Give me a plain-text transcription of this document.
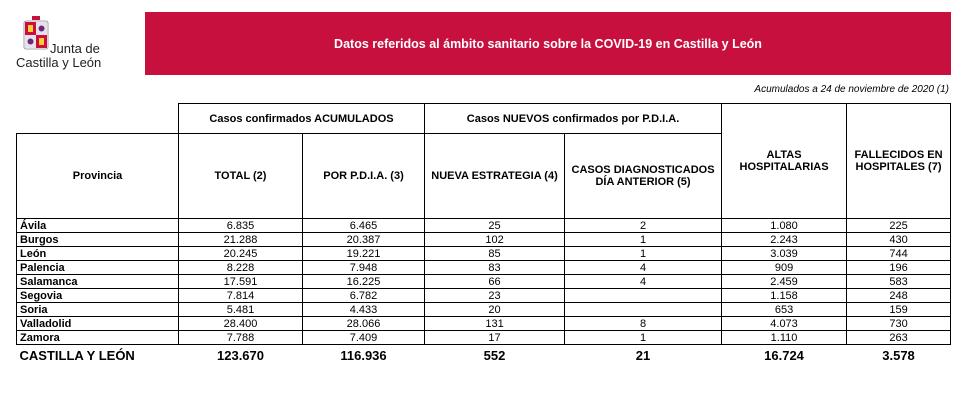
Junta de
Castilla y León
Datos referidos al ámbito sanitario sobre la COVID-19 en Castilla y León
Acumulados a 24 de noviembre de 2020 (1)
	Casos confirmados ACUMULADOS		Casos NUEVOS confirmados por P.D.I.A.		ALTAS HOSPITALARIAS	FALLECIDOS EN HOSPITALES (7)
Provincia	TOTAL (2)	POR P.D.I.A. (3)	NUEVA ESTRATEGIA (4)	CASOS DIAGNOSTICADOS DÍA ANTERIOR (5)		
Ávila	6.835	6.465	25	2	1.080	225
Burgos	21.288	20.387	102	1	2.243	430
León	20.245	19.221	85	1	3.039	744
Palencia	8.228	7.948	83	4	909	196
Salamanca	17.591	16.225	66	4	2.459	583
Segovia	7.814	6.782	23		1.158	248
Soria	5.481	4.433	20		653	159
Valladolid	28.400	28.066	131	8	4.073	730
Zamora	7.788	7.409	17	1	1.110	263
CASTILLA Y LEÓN	123.670	116.936	552	21	16.724	3.578
